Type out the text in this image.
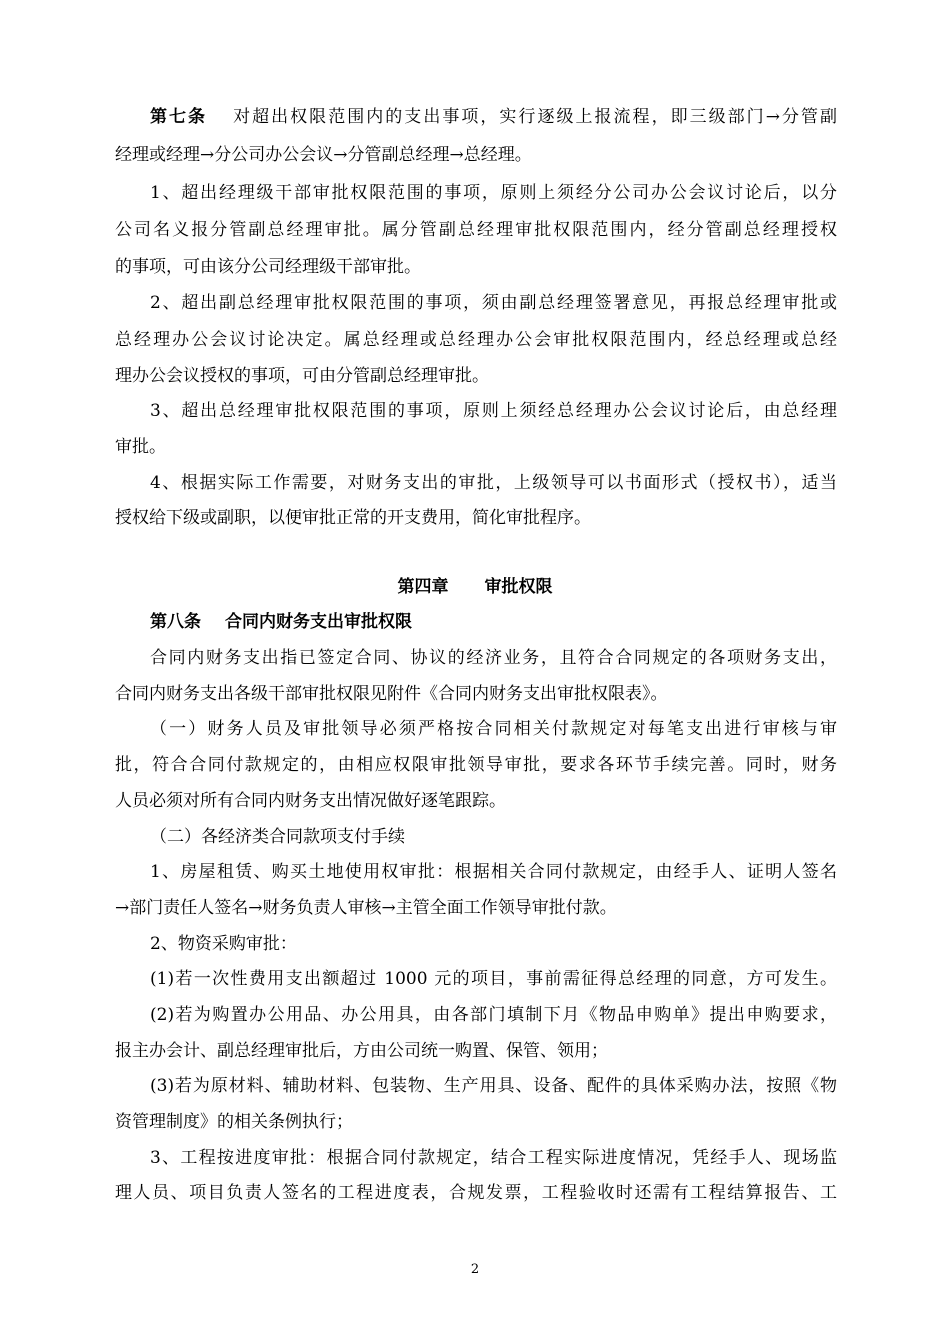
第七条 对超出权限范围内的支出事项，实行逐级上报流程，即三级部门→分管副
经理或经理→分公司办公会议→分管副总经理→总经理。
1、超出经理级干部审批权限范围的事项，原则上须经分公司办公会议讨论后，以分
公司名义报分管副总经理审批。属分管副总经理审批权限范围内，经分管副总经理授权
的事项，可由该分公司经理级干部审批。
2、超出副总经理审批权限范围的事项，须由副总经理签署意见，再报总经理审批或
总经理办公会议讨论决定。属总经理或总经理办公会审批权限范围内，经总经理或总经
理办公会议授权的事项，可由分管副总经理审批。
3、超出总经理审批权限范围的事项，原则上须经总经理办公会议讨论后，由总经理
审批。
4、根据实际工作需要，对财务支出的审批，上级领导可以书面形式（授权书），适当
授权给下级或副职，以便审批正常的开支费用，简化审批程序。
第四章 审批权限
第八条 合同内财务支出审批权限
合同内财务支出指已签定合同、协议的经济业务，且符合合同规定的各项财务支出，
合同内财务支出各级干部审批权限见附件《合同内财务支出审批权限表》。
（一）财务人员及审批领导必须严格按合同相关付款规定对每笔支出进行审核与审
批，符合合同付款规定的，由相应权限审批领导审批，要求各环节手续完善。同时，财务
人员必须对所有合同内财务支出情况做好逐笔跟踪。
（二）各经济类合同款项支付手续
1、房屋租赁、购买土地使用权审批：根据相关合同付款规定，由经手人、证明人签名
→部门责任人签名→财务负责人审核→主管全面工作领导审批付款。
2、物资采购审批：
(1)若一次性费用支出额超过 1000 元的项目，事前需征得总经理的同意，方可发生。
(2)若为购置办公用品、办公用具，由各部门填制下月《物品申购单》提出申购要求，
报主办会计、副总经理审批后，方由公司统一购置、保管、领用；
(3)若为原材料、辅助材料、包装物、生产用具、设备、配件的具体采购办法，按照《物
资管理制度》的相关条例执行；
3、工程按进度审批：根据合同付款规定，结合工程实际进度情况，凭经手人、现场监
理人员、项目负责人签名的工程进度表，合规发票，工程验收时还需有工程结算报告、工
2
